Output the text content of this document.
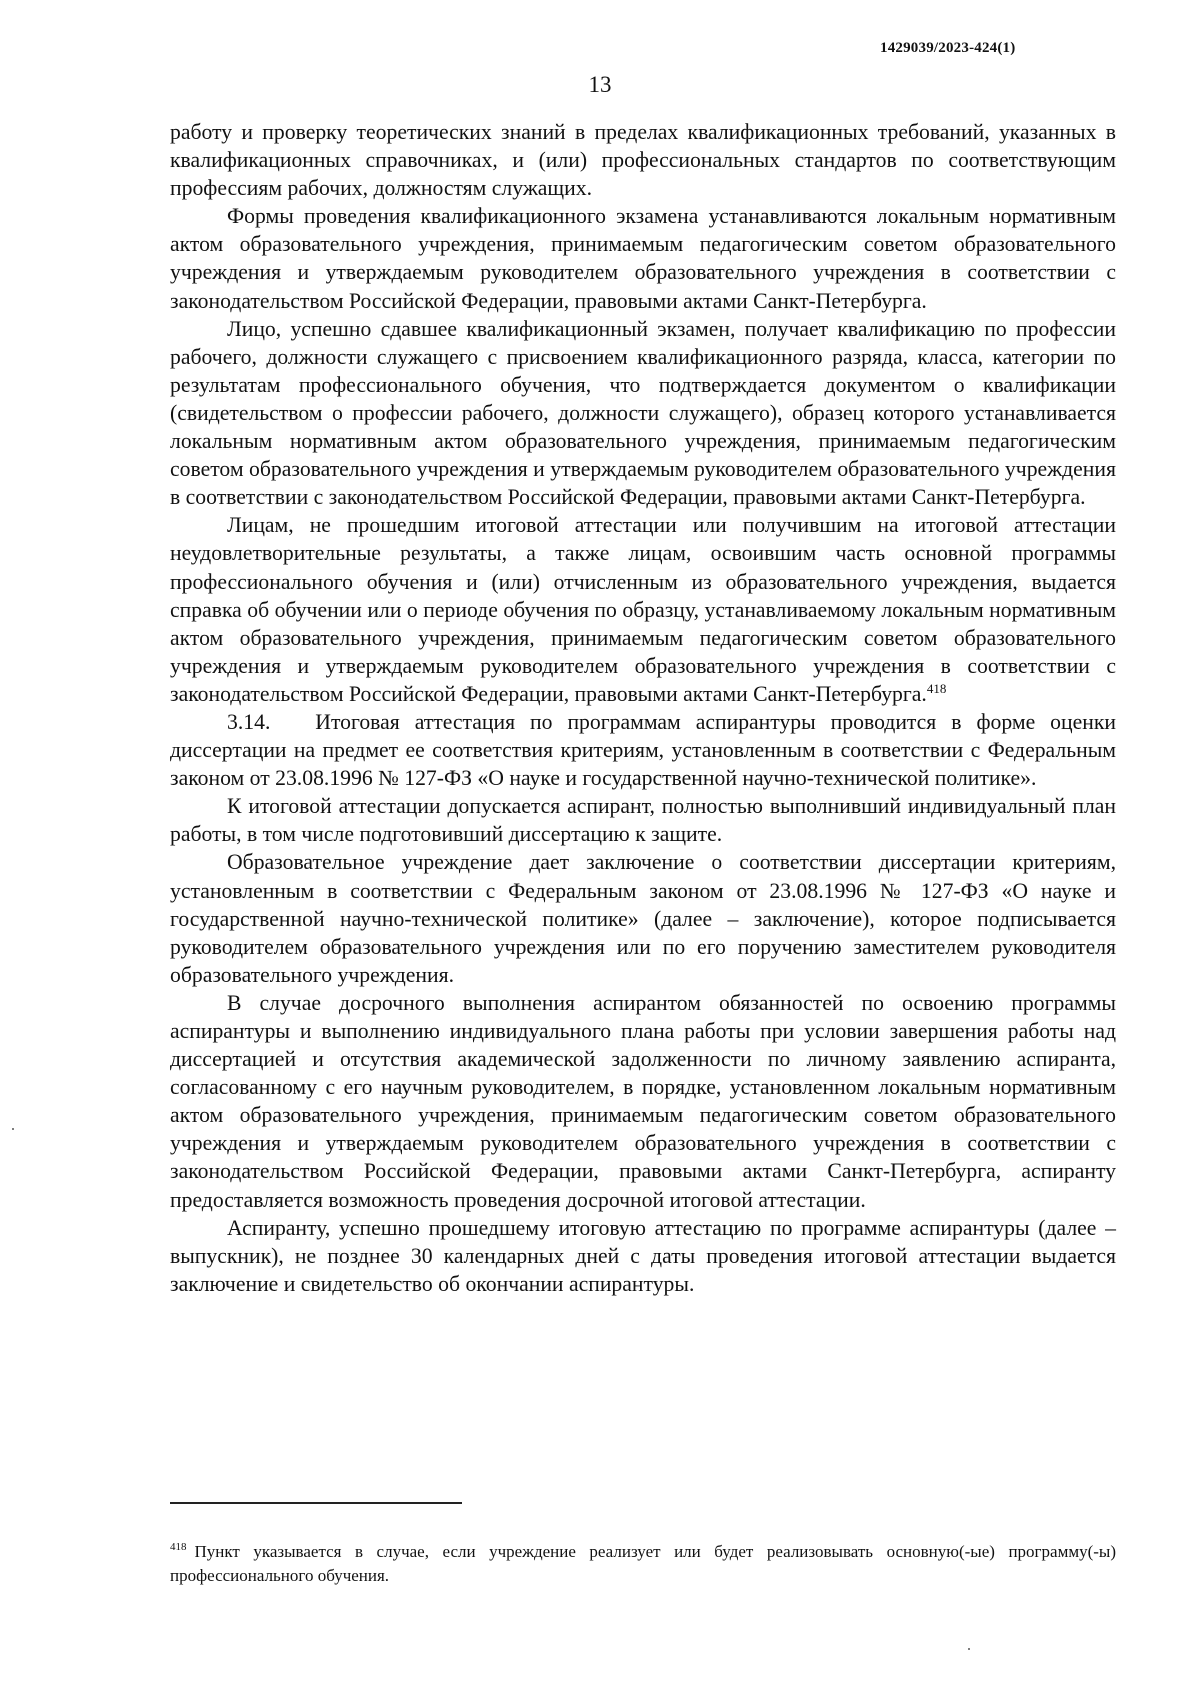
1429039/2023-424(1)
13

работу и проверку теоретических знаний в пределах квалификационных требований, указанных в квалификационных справочниках, и (или) профессиональных стандартов по соответствующим профессиям рабочих, должностям служащих.

Формы проведения квалификационного экзамена устанавливаются локальным нормативным актом образовательного учреждения, принимаемым педагогическим советом образовательного учреждения и утверждаемым руководителем образовательного учреждения в соответствии с законодательством Российской Федерации, правовыми актами Санкт-Петербурга.

Лицо, успешно сдавшее квалификационный экзамен, получает квалификацию по профессии рабочего, должности служащего с присвоением квалификационного разряда, класса, категории по результатам профессионального обучения, что подтверждается документом о квалификации (свидетельством о профессии рабочего, должности служащего), образец которого устанавливается локальным нормативным актом образовательного учреждения, принимаемым педагогическим советом образовательного учреждения и утверждаемым руководителем образовательного учреждения в соответствии с законодательством Российской Федерации, правовыми актами Санкт-Петербурга.

Лицам, не прошедшим итоговой аттестации или получившим на итоговой аттестации неудовлетворительные результаты, а также лицам, освоившим часть основной программы профессионального обучения и (или) отчисленным из образовательного учреждения, выдается справка об обучении или о периоде обучения по образцу, устанавливаемому локальным нормативным актом образовательного учреждения, принимаемым педагогическим советом образовательного учреждения и утверждаемым руководителем образовательного учреждения в соответствии с законодательством Российской Федерации, правовыми актами Санкт-Петербурга.$^{418}$

3.14.   Итоговая аттестация по программам аспирантуры проводится в форме оценки диссертации на предмет ее соответствия критериям, установленным в соответствии с Федеральным законом от 23.08.1996 № 127-ФЗ «О науке и государственной научно-технической политике».

К итоговой аттестации допускается аспирант, полностью выполнивший индивидуальный план работы, в том числе подготовивший диссертацию к защите.

Образовательное учреждение дает заключение о соответствии диссертации критериям, установленным в соответствии с Федеральным законом от 23.08.1996 № 127-ФЗ «О науке и государственной научно-технической политике» (далее – заключение), которое подписывается руководителем образовательного учреждения или по его поручению заместителем руководителя образовательного учреждения.

В случае досрочного выполнения аспирантом обязанностей по освоению программы аспирантуры и выполнению индивидуального плана работы при условии завершения работы над диссертацией и отсутствия академической задолженности по личному заявлению аспиранта, согласованному с его научным руководителем, в порядке, установленном локальным нормативным актом образовательного учреждения, принимаемым педагогическим советом образовательного учреждения и утверждаемым руководителем образовательного учреждения в соответствии с законодательством Российской Федерации, правовыми актами Санкт-Петербурга, аспиранту предоставляется возможность проведения досрочной итоговой аттестации.

Аспиранту, успешно прошедшему итоговую аттестацию по программе аспирантуры (далее – выпускник), не позднее 30 календарных дней с даты проведения итоговой аттестации выдается заключение и свидетельство об окончании аспирантуры.

$^{418}$ Пункт указывается в случае, если учреждение реализует или будет реализовывать основную(-ые) программу(-ы) профессионального обучения.
